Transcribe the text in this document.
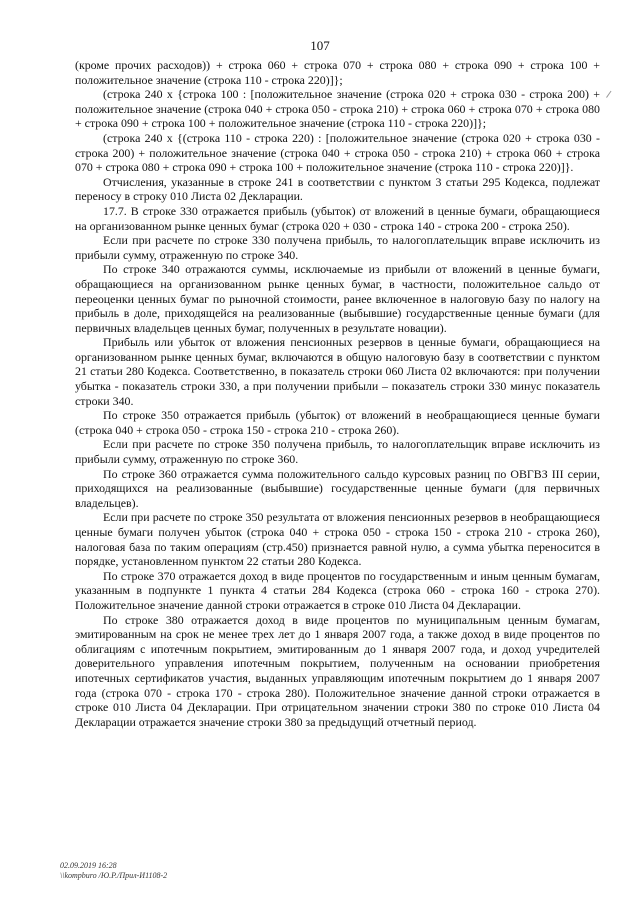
107

(кроме прочих расходов)) + строка 060 + строка 070 + строка 080 + строка 090 + строка 100 + положительное значение (строка 110 - строка 220)]};

(строка 240 х {строка 100 : [положительное значение (строка 020 + строка 030 - строка 200) + положительное значение (строка 040 + строка 050 - строка 210) + строка 060 + строка 070 + строка 080 + строка 090 + строка 100 + положительное значение (строка 110 - строка 220)]};

(строка 240 х {(строка 110 - строка 220) : [положительное значение (строка 020 + строка 030 - строка 200) + положительное значение (строка 040 + строка 050 - строка 210) + строка 060 + строка 070 + строка 080 + строка 090 + строка 100 + положительное значение (строка 110 - строка 220)]}.

Отчисления, указанные в строке 241 в соответствии с пунктом 3 статьи 295 Кодекса, подлежат переносу в строку 010 Листа 02 Декларации.

17.7. В строке 330 отражается прибыль (убыток) от вложений в ценные бумаги, обращающиеся на организованном рынке ценных бумаг (строка 020 + 030 - строка 140 - строка 200 - строка 250).

Если при расчете по строке 330 получена прибыль, то налогоплательщик вправе исключить из прибыли сумму, отраженную по строке 340.

По строке 340 отражаются суммы, исключаемые из прибыли от вложений в ценные бумаги, обращающиеся на организованном рынке ценных бумаг, в частности, положительное сальдо от переоценки ценных бумаг по рыночной стоимости, ранее включенное в налоговую базу по налогу на прибыль в доле, приходящейся на реализованные (выбывшие) государственные ценные бумаги (для первичных владельцев ценных бумаг, полученных в результате новации).

Прибыль или убыток от вложения пенсионных резервов в ценные бумаги, обращающиеся на организованном рынке ценных бумаг, включаются в общую налоговую базу в соответствии с пунктом 21 статьи 280 Кодекса. Соответственно, в показатель строки 060 Листа 02 включаются: при получении убытка - показатель строки 330, а при получении прибыли – показатель строки 330 минус показатель строки 340.

По строке 350 отражается прибыль (убыток) от вложений в необращающиеся ценные бумаги (строка 040 + строка 050 - строка 150 - строка 210 - строка 260).

Если при расчете по строке 350 получена прибыль, то налогоплательщик вправе исключить из прибыли сумму, отраженную по строке 360.

По строке 360 отражается сумма положительного сальдо курсовых разниц по ОВГВЗ III серии, приходящихся на реализованные (выбывшие) государственные ценные бумаги (для первичных владельцев).

Если при расчете по строке 350 результата от вложения пенсионных резервов в необращающиеся ценные бумаги получен убыток (строка 040 + строка 050 - строка 150 - строка 210 - строка 260), налоговая база по таким операциям (стр.450) признается равной нулю, а сумма убытка переносится в порядке, установленном пунктом 22 статьи 280 Кодекса.

По строке 370 отражается доход в виде процентов по государственным и иным ценным бумагам, указанным в подпункте 1 пункта 4 статьи 284 Кодекса (строка 060 - строка 160 - строка 270). Положительное значение данной строки отражается в строке 010 Листа 04 Декларации.

По строке 380 отражается доход в виде процентов по муниципальным ценным бумагам, эмитированным на срок не менее трех лет до 1 января 2007 года, а также доход в виде процентов по облигациям с ипотечным покрытием, эмитированным до 1 января 2007 года, и доход учредителей доверительного управления ипотечным покрытием, полученным на основании приобретения ипотечных сертификатов участия, выданных управляющим ипотечным покрытием до 1 января 2007 года (строка 070 - строка 170 - строка 280). Положительное значение данной строки отражается в строке 010 Листа 04 Декларации. При отрицательном значении строки 380 по строке 010 Листа 04 Декларации отражается значение строки 380 за предыдущий отчетный период.

02.09.2019 16:28
\\kompburo /Ю.Р./Прил-И1108-2
